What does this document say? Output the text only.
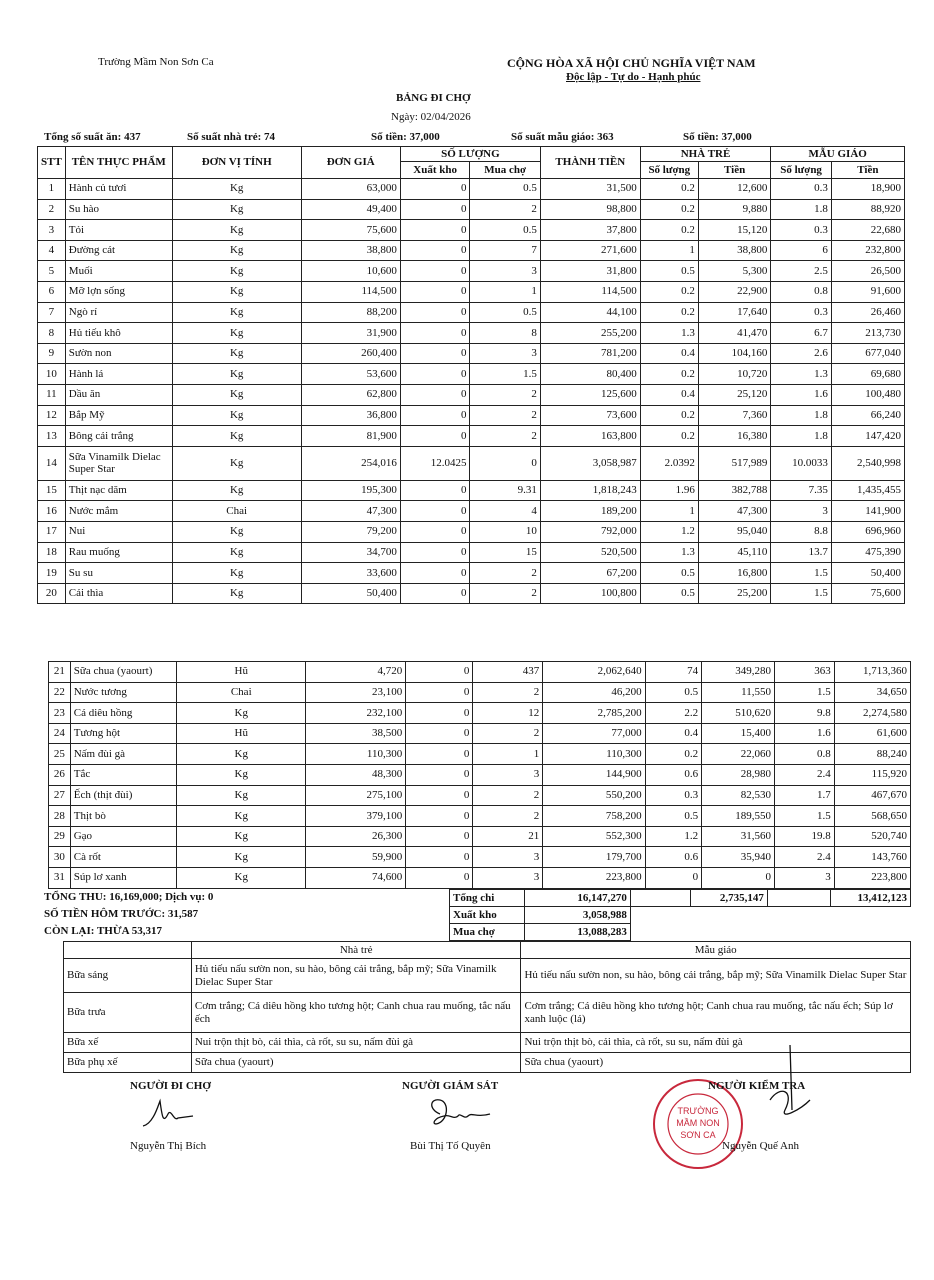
Trường Mầm Non Sơn Ca	CỘNG HÒA XÃ HỘI CHỦ NGHĨA VIỆT NAM
Độc lập - Tự do - Hạnh phúc
BẢNG ĐI CHỢ
Ngày: 02/04/2026
Tổng số suất ăn: 437	Số suất nhà trẻ: 74	Số tiền: 37,000	Số suất mẫu giáo: 363	Số tiền: 37,000
STT	TÊN THỰC PHẨM	ĐƠN VỊ TÍNH	ĐƠN GIÁ	SỐ LƯỢNG		THÀNH TIỀN	NHÀ TRẺ		MẪU GIÁO	
				Xuất kho	Mua chợ		Số lượng	Tiền	Số lượng	Tiền
1	Hành củ tươi	Kg	63,000	0	0.5	31,500	0.2	12,600	0.3	18,900
2	Su hào	Kg	49,400	0	2	98,800	0.2	9,880	1.8	88,920
3	Tỏi	Kg	75,600	0	0.5	37,800	0.2	15,120	0.3	22,680
4	Đường cát	Kg	38,800	0	7	271,600	1	38,800	6	232,800
5	Muối	Kg	10,600	0	3	31,800	0.5	5,300	2.5	26,500
6	Mỡ lợn sống	Kg	114,500	0	1	114,500	0.2	22,900	0.8	91,600
7	Ngò rí	Kg	88,200	0	0.5	44,100	0.2	17,640	0.3	26,460
8	Hủ tiếu khô	Kg	31,900	0	8	255,200	1.3	41,470	6.7	213,730
9	Sườn non	Kg	260,400	0	3	781,200	0.4	104,160	2.6	677,040
10	Hành lá	Kg	53,600	0	1.5	80,400	0.2	10,720	1.3	69,680
11	Dầu ăn	Kg	62,800	0	2	125,600	0.4	25,120	1.6	100,480
12	Bắp Mỹ	Kg	36,800	0	2	73,600	0.2	7,360	1.8	66,240
13	Bông cải trắng	Kg	81,900	0	2	163,800	0.2	16,380	1.8	147,420
14	Sữa Vinamilk Dielac Super Star	Kg	254,016	12.0425	0	3,058,987	2.0392	517,989	10.0033	2,540,998
15	Thịt nạc dăm	Kg	195,300	0	9.31	1,818,243	1.96	382,788	7.35	1,435,455
16	Nước mắm	Chai	47,300	0	4	189,200	1	47,300	3	141,900
17	Nui	Kg	79,200	0	10	792,000	1.2	95,040	8.8	696,960
18	Rau muống	Kg	34,700	0	15	520,500	1.3	45,110	13.7	475,390
19	Su su	Kg	33,600	0	2	67,200	0.5	16,800	1.5	50,400
20	Cải thìa	Kg	50,400	0	2	100,800	0.5	25,200	1.5	75,600
21	Sữa chua (yaourt)	Hũ	4,720	0	437	2,062,640	74	349,280	363	1,713,360
22	Nước tương	Chai	23,100	0	2	46,200	0.5	11,550	1.5	34,650
23	Cá diêu hồng	Kg	232,100	0	12	2,785,200	2.2	510,620	9.8	2,274,580
24	Tương hột	Hũ	38,500	0	2	77,000	0.4	15,400	1.6	61,600
25	Nấm đùi gà	Kg	110,300	0	1	110,300	0.2	22,060	0.8	88,240
26	Tắc	Kg	48,300	0	3	144,900	0.6	28,980	2.4	115,920
27	Ếch (thịt đùi)	Kg	275,100	0	2	550,200	0.3	82,530	1.7	467,670
28	Thịt bò	Kg	379,100	0	2	758,200	0.5	189,550	1.5	568,650
29	Gạo	Kg	26,300	0	21	552,300	1.2	31,560	19.8	520,740
30	Cà rốt	Kg	59,900	0	3	179,700	0.6	35,940	2.4	143,760
31	Súp lơ xanh	Kg	74,600	0	3	223,800	0	0	3	223,800
TỔNG THU: 16,169,000; Dịch vụ: 0
SỐ TIỀN HÔM TRƯỚC: 31,587
CÒN LẠI: THỪA 53,317
Tổng chi	16,147,270		2,735,147		13,412,123
Xuất kho	3,058,988				
Mua chợ	13,088,283				
	Nhà trẻ	Mẫu giáo
Bữa sáng	Hủ tiếu nấu sườn non, su hào, bông cải trắng, bắp mỹ; Sữa Vinamilk Dielac Super Star	Hủ tiếu nấu sườn non, su hào, bông cải trắng, bắp mỹ; Sữa Vinamilk Dielac Super Star
Bữa trưa	Cơm trắng; Cá diêu hồng kho tương hột; Canh chua rau muống, tắc nấu ếch	Cơm trắng; Cá diêu hồng kho tương hột; Canh chua rau muống, tắc nấu ếch; Súp lơ xanh luộc (lá)
Bữa xế	Nui trộn thịt bò, cải thìa, cà rốt, su su, nấm đùi gà	Nui trộn thịt bò, cải thìa, cà rốt, su su, nấm đùi gà
Bữa phụ xế	Sữa chua (yaourt)	Sữa chua (yaourt)
NGƯỜI ĐI CHỢ
Nguyễn Thị Bích
NGƯỜI GIÁM SÁT
Bùi Thị Tố Quyên
TRƯỜNG
MẦM NON
SƠN CA
NGƯỜI KIỂM TRA
Nguyễn Quế Anh
